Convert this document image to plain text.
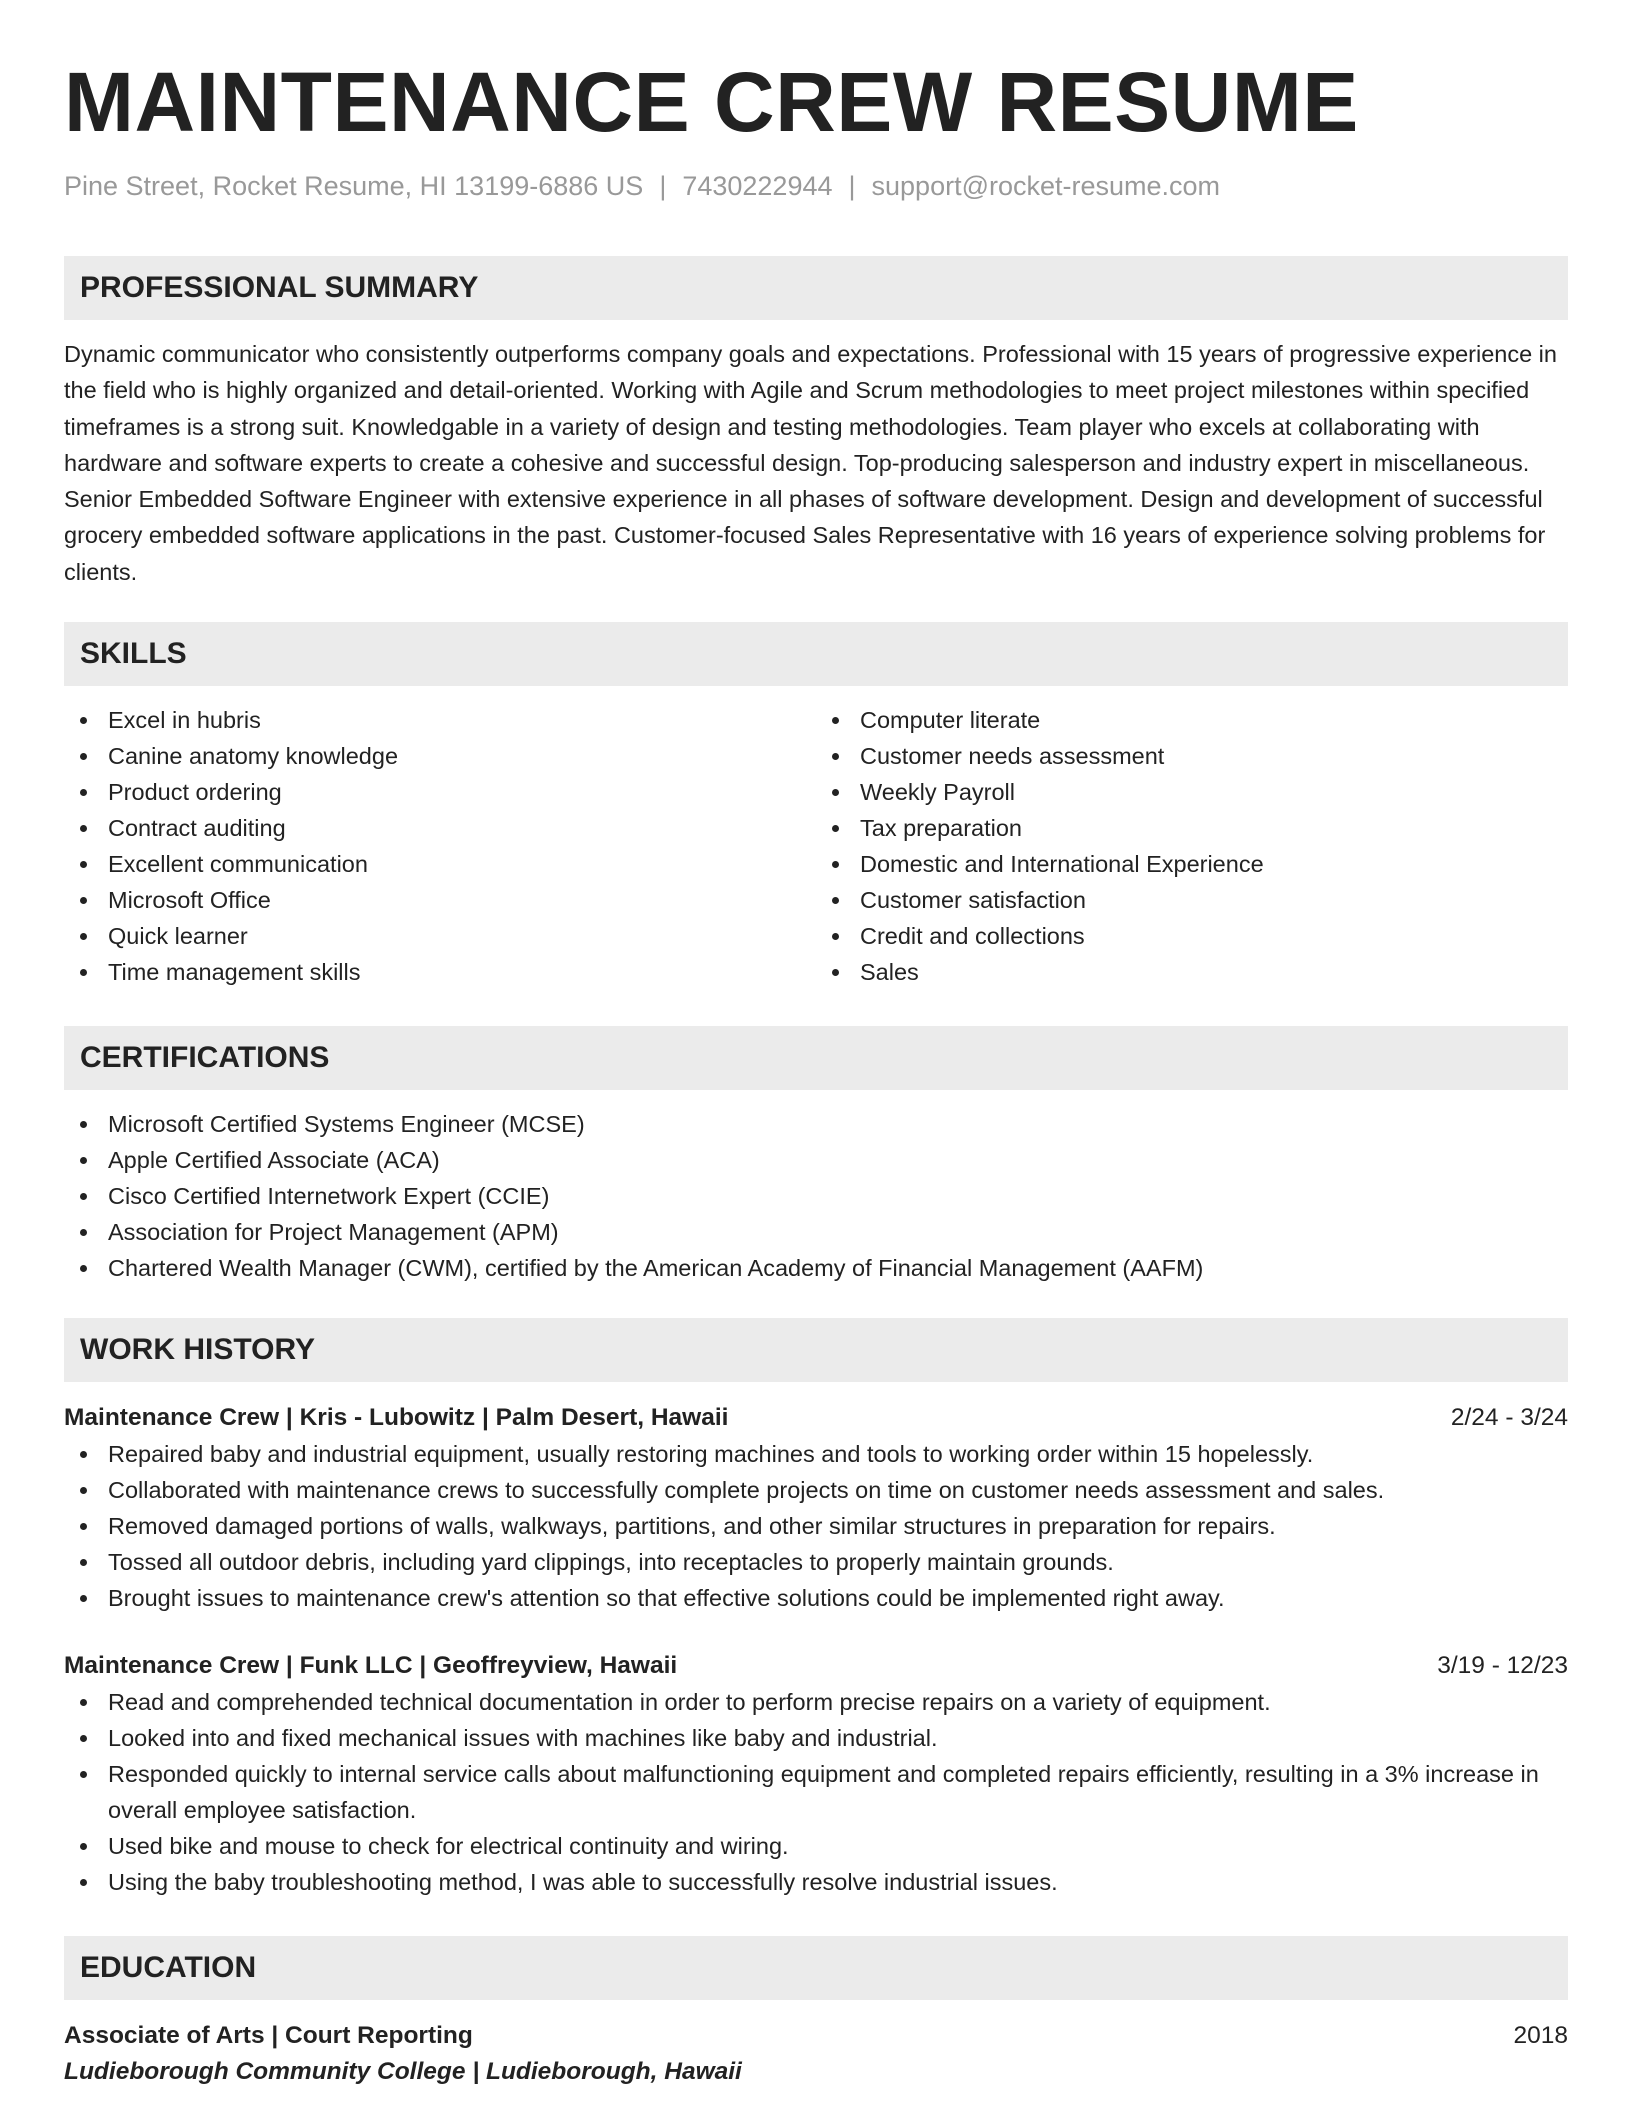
MAINTENANCE CREW RESUME
Pine Street, Rocket Resume, HI 13199-6886 US | 7430222944 | support@rocket-resume.com
PROFESSIONAL SUMMARY
Dynamic communicator who consistently outperforms company goals and expectations. Professional with 15 years of progressive experience in the field who is highly organized and detail-oriented. Working with Agile and Scrum methodologies to meet project milestones within specified timeframes is a strong suit. Knowledgable in a variety of design and testing methodologies. Team player who excels at collaborating with hardware and software experts to create a cohesive and successful design. Top-producing salesperson and industry expert in miscellaneous. Senior Embedded Software Engineer with extensive experience in all phases of software development. Design and development of successful grocery embedded software applications in the past. Customer-focused Sales Representative with 16 years of experience solving problems for clients.
SKILLS
Excel in hubris
Canine anatomy knowledge
Product ordering
Contract auditing
Excellent communication
Microsoft Office
Quick learner
Time management skills
Computer literate
Customer needs assessment
Weekly Payroll
Tax preparation
Domestic and International Experience
Customer satisfaction
Credit and collections
Sales
CERTIFICATIONS
Microsoft Certified Systems Engineer (MCSE)
Apple Certified Associate (ACA)
Cisco Certified Internetwork Expert (CCIE)
Association for Project Management (APM)
Chartered Wealth Manager (CWM), certified by the American Academy of Financial Management (AAFM)
WORK HISTORY
Maintenance Crew | Kris - Lubowitz | Palm Desert, Hawaii	2/24 - 3/24
Repaired baby and industrial equipment, usually restoring machines and tools to working order within 15 hopelessly.
Collaborated with maintenance crews to successfully complete projects on time on customer needs assessment and sales.
Removed damaged portions of walls, walkways, partitions, and other similar structures in preparation for repairs.
Tossed all outdoor debris, including yard clippings, into receptacles to properly maintain grounds.
Brought issues to maintenance crew's attention so that effective solutions could be implemented right away.
Maintenance Crew | Funk LLC | Geoffreyview, Hawaii	3/19 - 12/23
Read and comprehended technical documentation in order to perform precise repairs on a variety of equipment.
Looked into and fixed mechanical issues with machines like baby and industrial.
Responded quickly to internal service calls about malfunctioning equipment and completed repairs efficiently, resulting in a 3% increase in overall employee satisfaction.
Used bike and mouse to check for electrical continuity and wiring.
Using the baby troubleshooting method, I was able to successfully resolve industrial issues.
EDUCATION
Associate of Arts | Court Reporting	2018
Ludieborough Community College | Ludieborough, Hawaii
